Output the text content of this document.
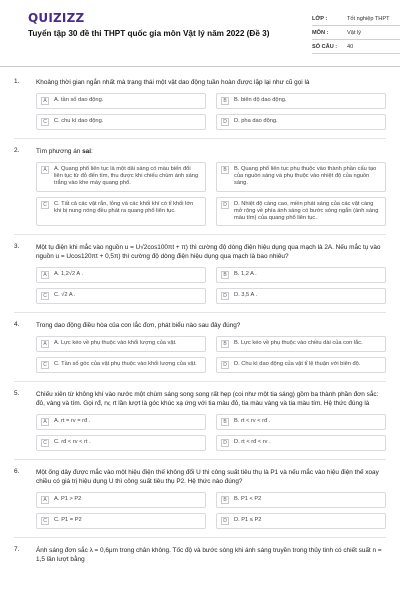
QUIZIZZ
Tuyển tập 30 đề thi THPT quốc gia môn Vật lý năm 2022 (Đề 3)
LỚP :	Tốt nghiệp THPT
MÔN :	Vật lý
SỐ CÂU :	40
1.	Khoảng thời gian ngắn nhất mà trạng thái một vật dao động tuần hoàn được lặp lại như cũ gọi là
A	A. tần số dao động.	B	B. biên độ dao động.
C	C. chu kì dao động.	D	D. pha dao động.
2.	Tìm phương án sai:
A	A. Quang phổ liên tục là một dải sáng có màu biến đổi liên tục từ đỏ đến tím, thu được khi chiếu chùm ánh sáng trắng vào khe máy quang phổ.
B	B. Quang phổ liên tục phụ thuộc vào thành phần cấu tạo của nguồn sáng và phụ thuộc vào nhiệt độ của nguồn sáng.
C	C. Tất cả các vật rắn, lỏng và các khối khí có tỉ khối lớn khi bị nung nóng đều phát ra quang phổ liên tục.
D	D. Nhiệt độ càng cao, miền phát sáng của các vật càng mở rộng về phía ánh sáng có bước sóng ngắn (ánh sáng màu tím) của quang phổ liên tục.
3.	Một tụ điện khi mắc vào nguồn u = U√2cos100πt + π) thì cường độ dòng điện hiệu dụng qua mạch là 2A. Nếu mắc tụ vào nguồn u = Ucos120πt + 0,5π) thì cường độ dòng điện hiệu dụng qua mạch là bao nhiêu?
A	A. 1,2√2 A .	B	B. 1,2 A .
C	C. √2 A .	D	D. 3,5 A .
4.	Trong dao động điều hòa của con lắc đơn, phát biểu nào sau đây đúng?
A	A. Lực kéo về phụ thuộc vào khối lượng của vật.	B	B. Lực kéo về phụ thuộc vào chiều dài của con lắc.
C	C. Tần số góc của vật phụ thuộc vào khối lượng của vật.	D	D. Chu kì dao động của vật tỉ lệ thuận với biên độ.
5.	Chiếu xiên từ không khí vào nước một chùm sáng song song rất hẹp (coi như một tia sáng) gồm ba thành phần đơn sắc: đỏ, vàng và tím. Gọi rđ, rv, rt lần lượt là góc khúc xạ ứng với tia màu đỏ, tia màu vàng và tia màu tím. Hệ thức đúng là
A	A. rt = rv = rđ .	B	B. rt < rv < rđ .
C	C. rđ < rv < rt .	D	D. rt < rđ < rv .
6.	Một ống dây được mắc vào một hiệu điện thế không đổi U thì công suất tiêu thụ là P1 và nếu mắc vào hiệu điện thế xoay chiều có giá trị hiệu dụng U thì công suất tiêu thụ P2. Hệ thức nào đúng?
A	A. P1 > P2	B	B. P1 < P2
C	C. P1 = P2	D	D. P1 ≤ P2
7.	Ánh sáng đơn sắc λ = 0,6μm trong chân không. Tốc độ và bước sóng khi ánh sáng truyền trong thủy tinh có chiết suất n = 1,5 lần lượt bằng
